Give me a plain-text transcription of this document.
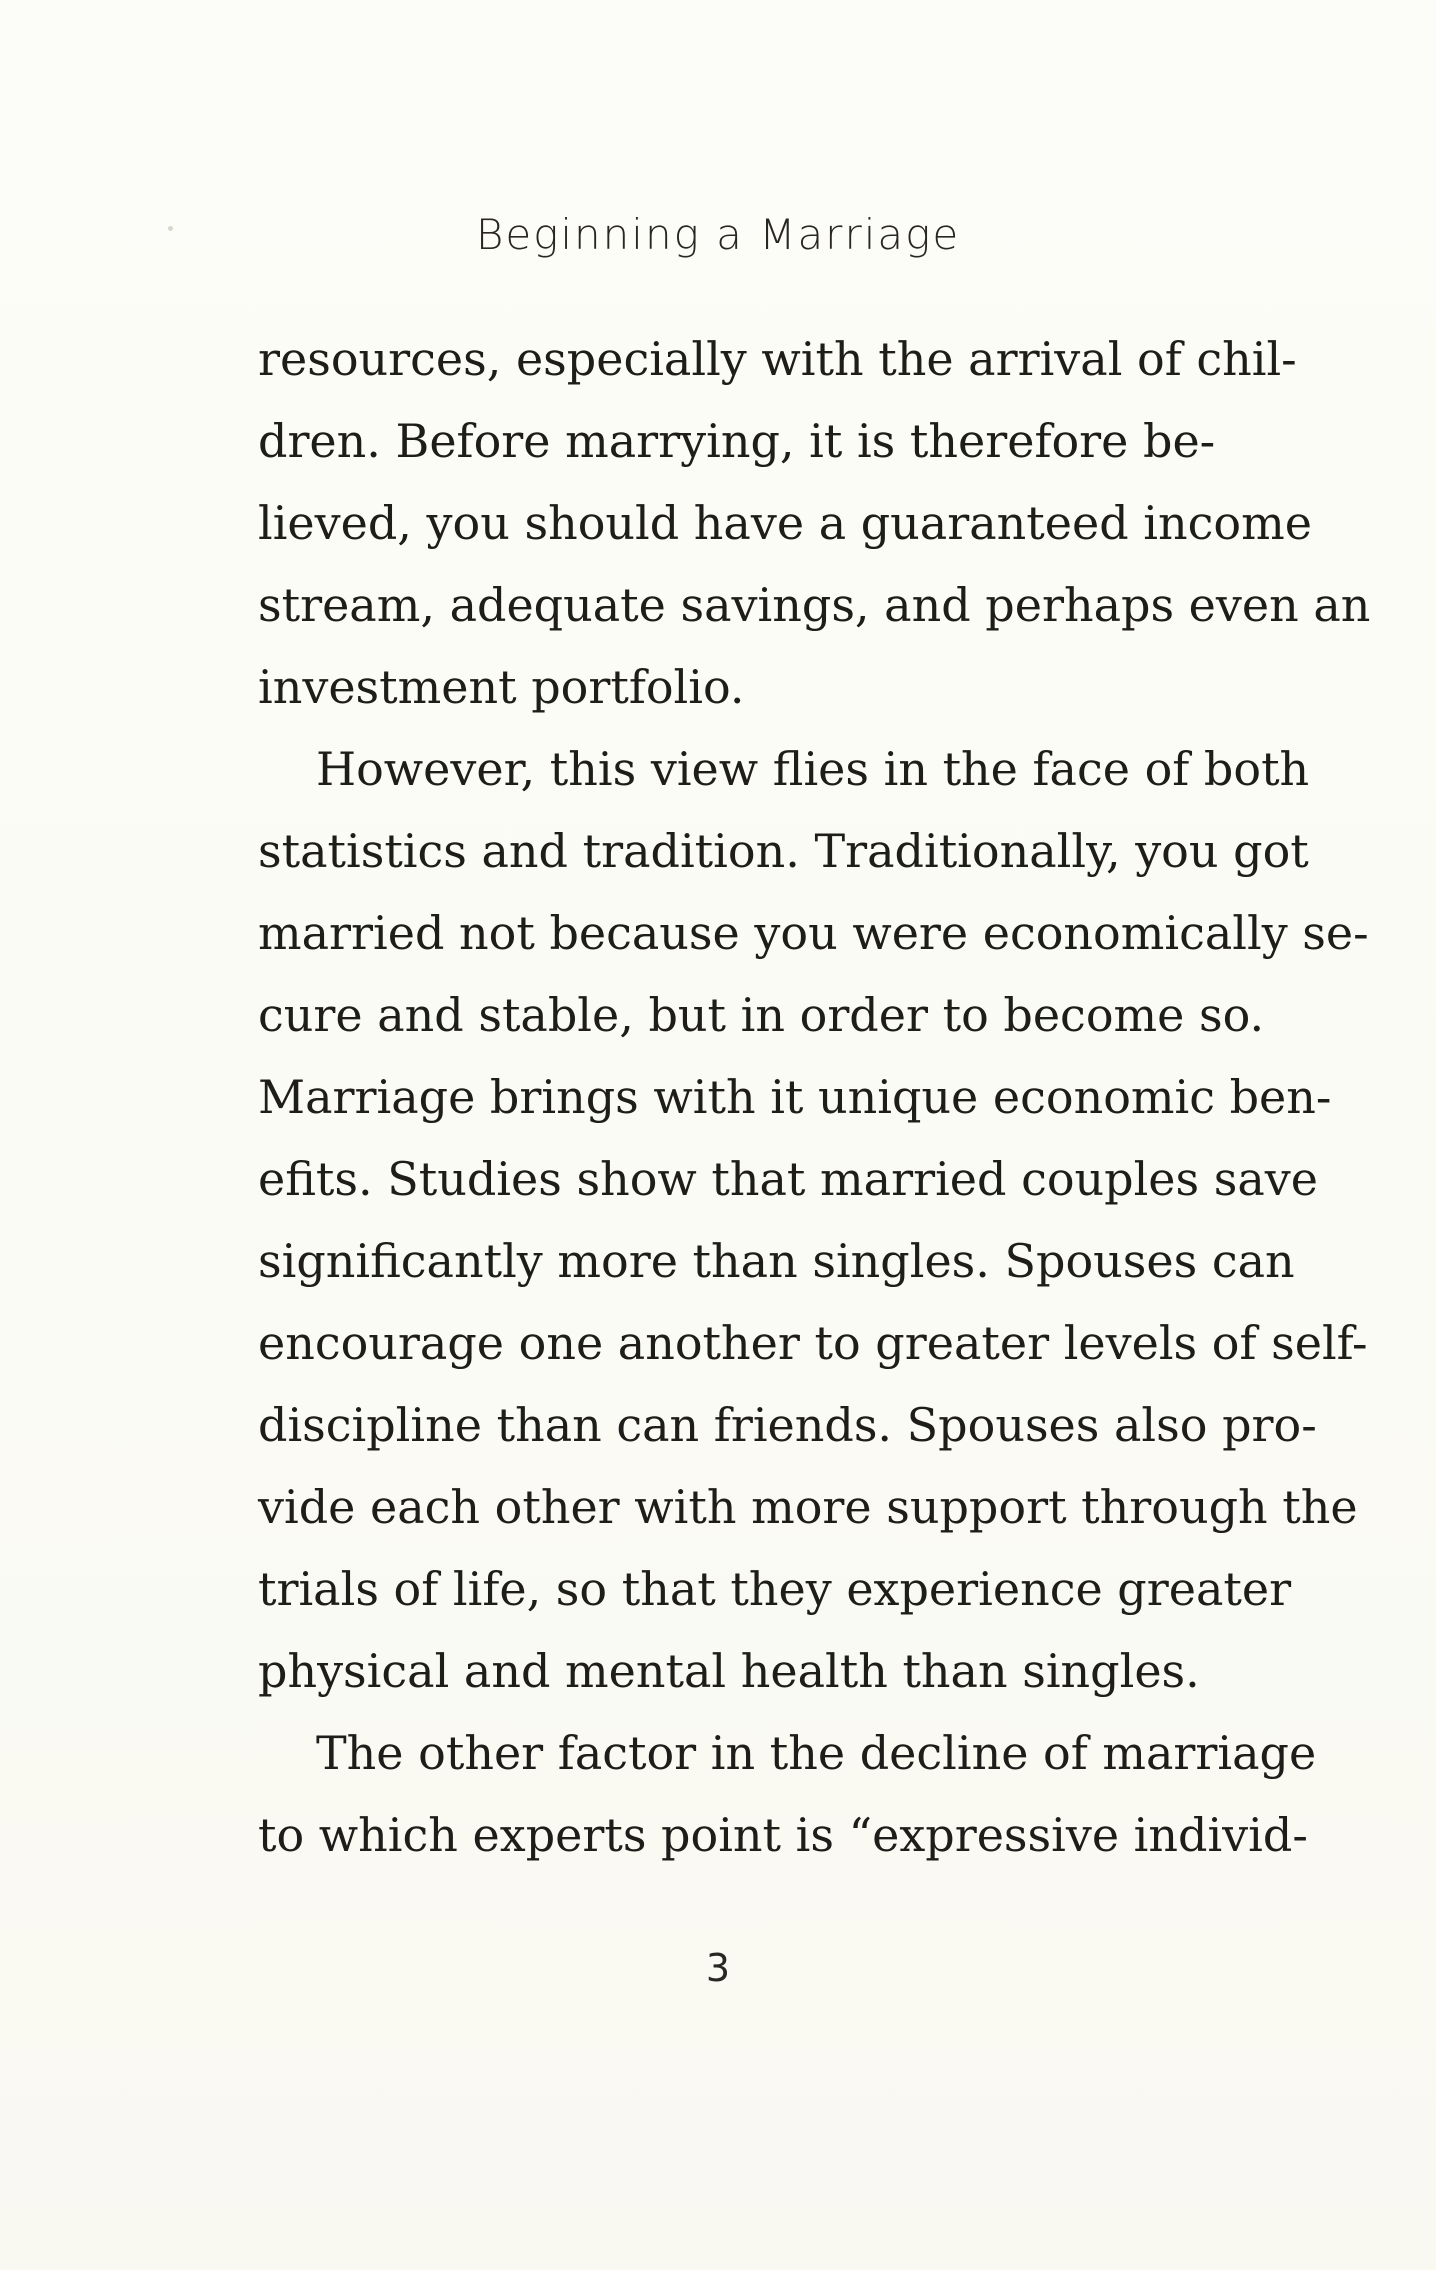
Beginning a Marriage

resources, especially with the arrival of chil-
dren. Before marrying, it is therefore be-
lieved, you should have a guaranteed income
stream, adequate savings, and perhaps even an
investment portfolio.

However, this view flies in the face of both
statistics and tradition. Traditionally, you got
married not because you were economically se-
cure and stable, but in order to become so.
Marriage brings with it unique economic ben-
efits. Studies show that married couples save
significantly more than singles. Spouses can
encourage one another to greater levels of self-
discipline than can friends. Spouses also pro-
vide each other with more support through the
trials of life, so that they experience greater
physical and mental health than singles.

The other factor in the decline of marriage
to which experts point is “expressive individ-

3
